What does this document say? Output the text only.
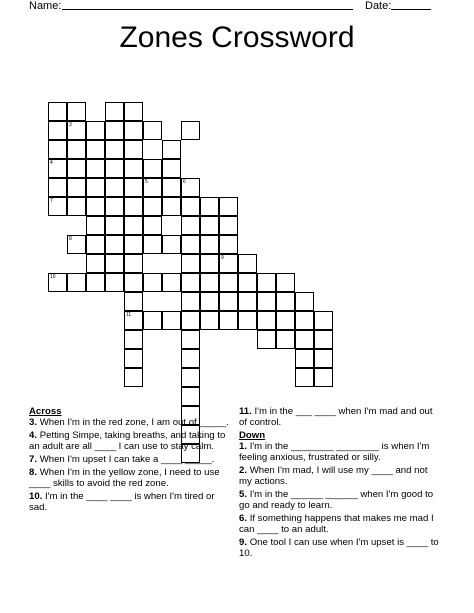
Name:	Date:
Zones Crossword
4
7
3
11
5	6
9
8
10
Across
3. When I'm in the red zone, I am out of _____.
4. Petting Simpe, taking breaths, and taking to an adult are all ____ I can use to stay calm.
7. When I'm upset I can take a ____ _____.
8. When I'm in the yellow zone, I need to use ____ skills to avoid the red zone.
10. I'm in the ____ ____ is when I'm tired or sad.
11. I'm in the ___ ____ when I'm mad and out of control.
Down
1. I'm in the ________ ________ is when I'm feeling anxious, frustrated or silly.
2. When I'm mad, I will use my ____ and not my actions.
5. I'm in the ______ ______ when I'm good to go and ready to learn.
6. If something happens that makes me mad I can ____ to an adult.
9. One tool I can use when I'm upset is ____ to 10.
